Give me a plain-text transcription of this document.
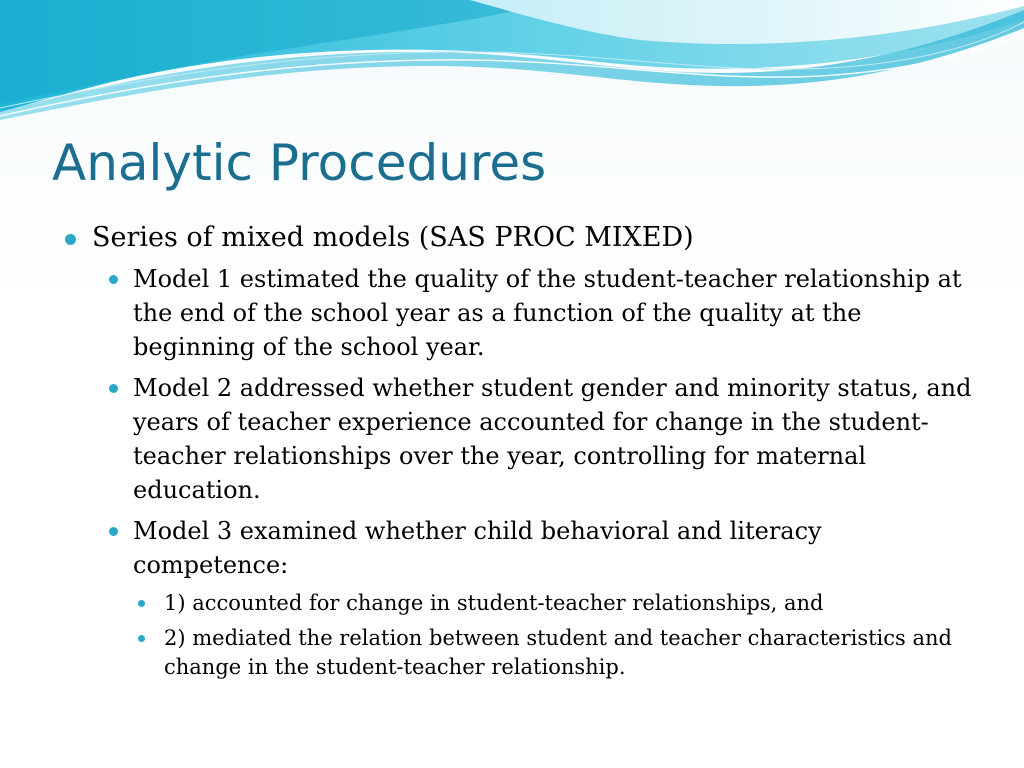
Analytic Procedures
Series of mixed models (SAS PROC MIXED)
Model 1 estimated the quality of the student-teacher relationship at the end of the school year as a function of the quality at the beginning of the school year.
Model 2 addressed whether student gender and minority status, and years of teacher experience accounted for change in the student-teacher relationships over the year, controlling for maternal education.
Model 3 examined whether child behavioral and literacy competence:
1) accounted for change in student-teacher relationships, and
2) mediated the relation between student and teacher characteristics and change in the student-teacher relationship.
